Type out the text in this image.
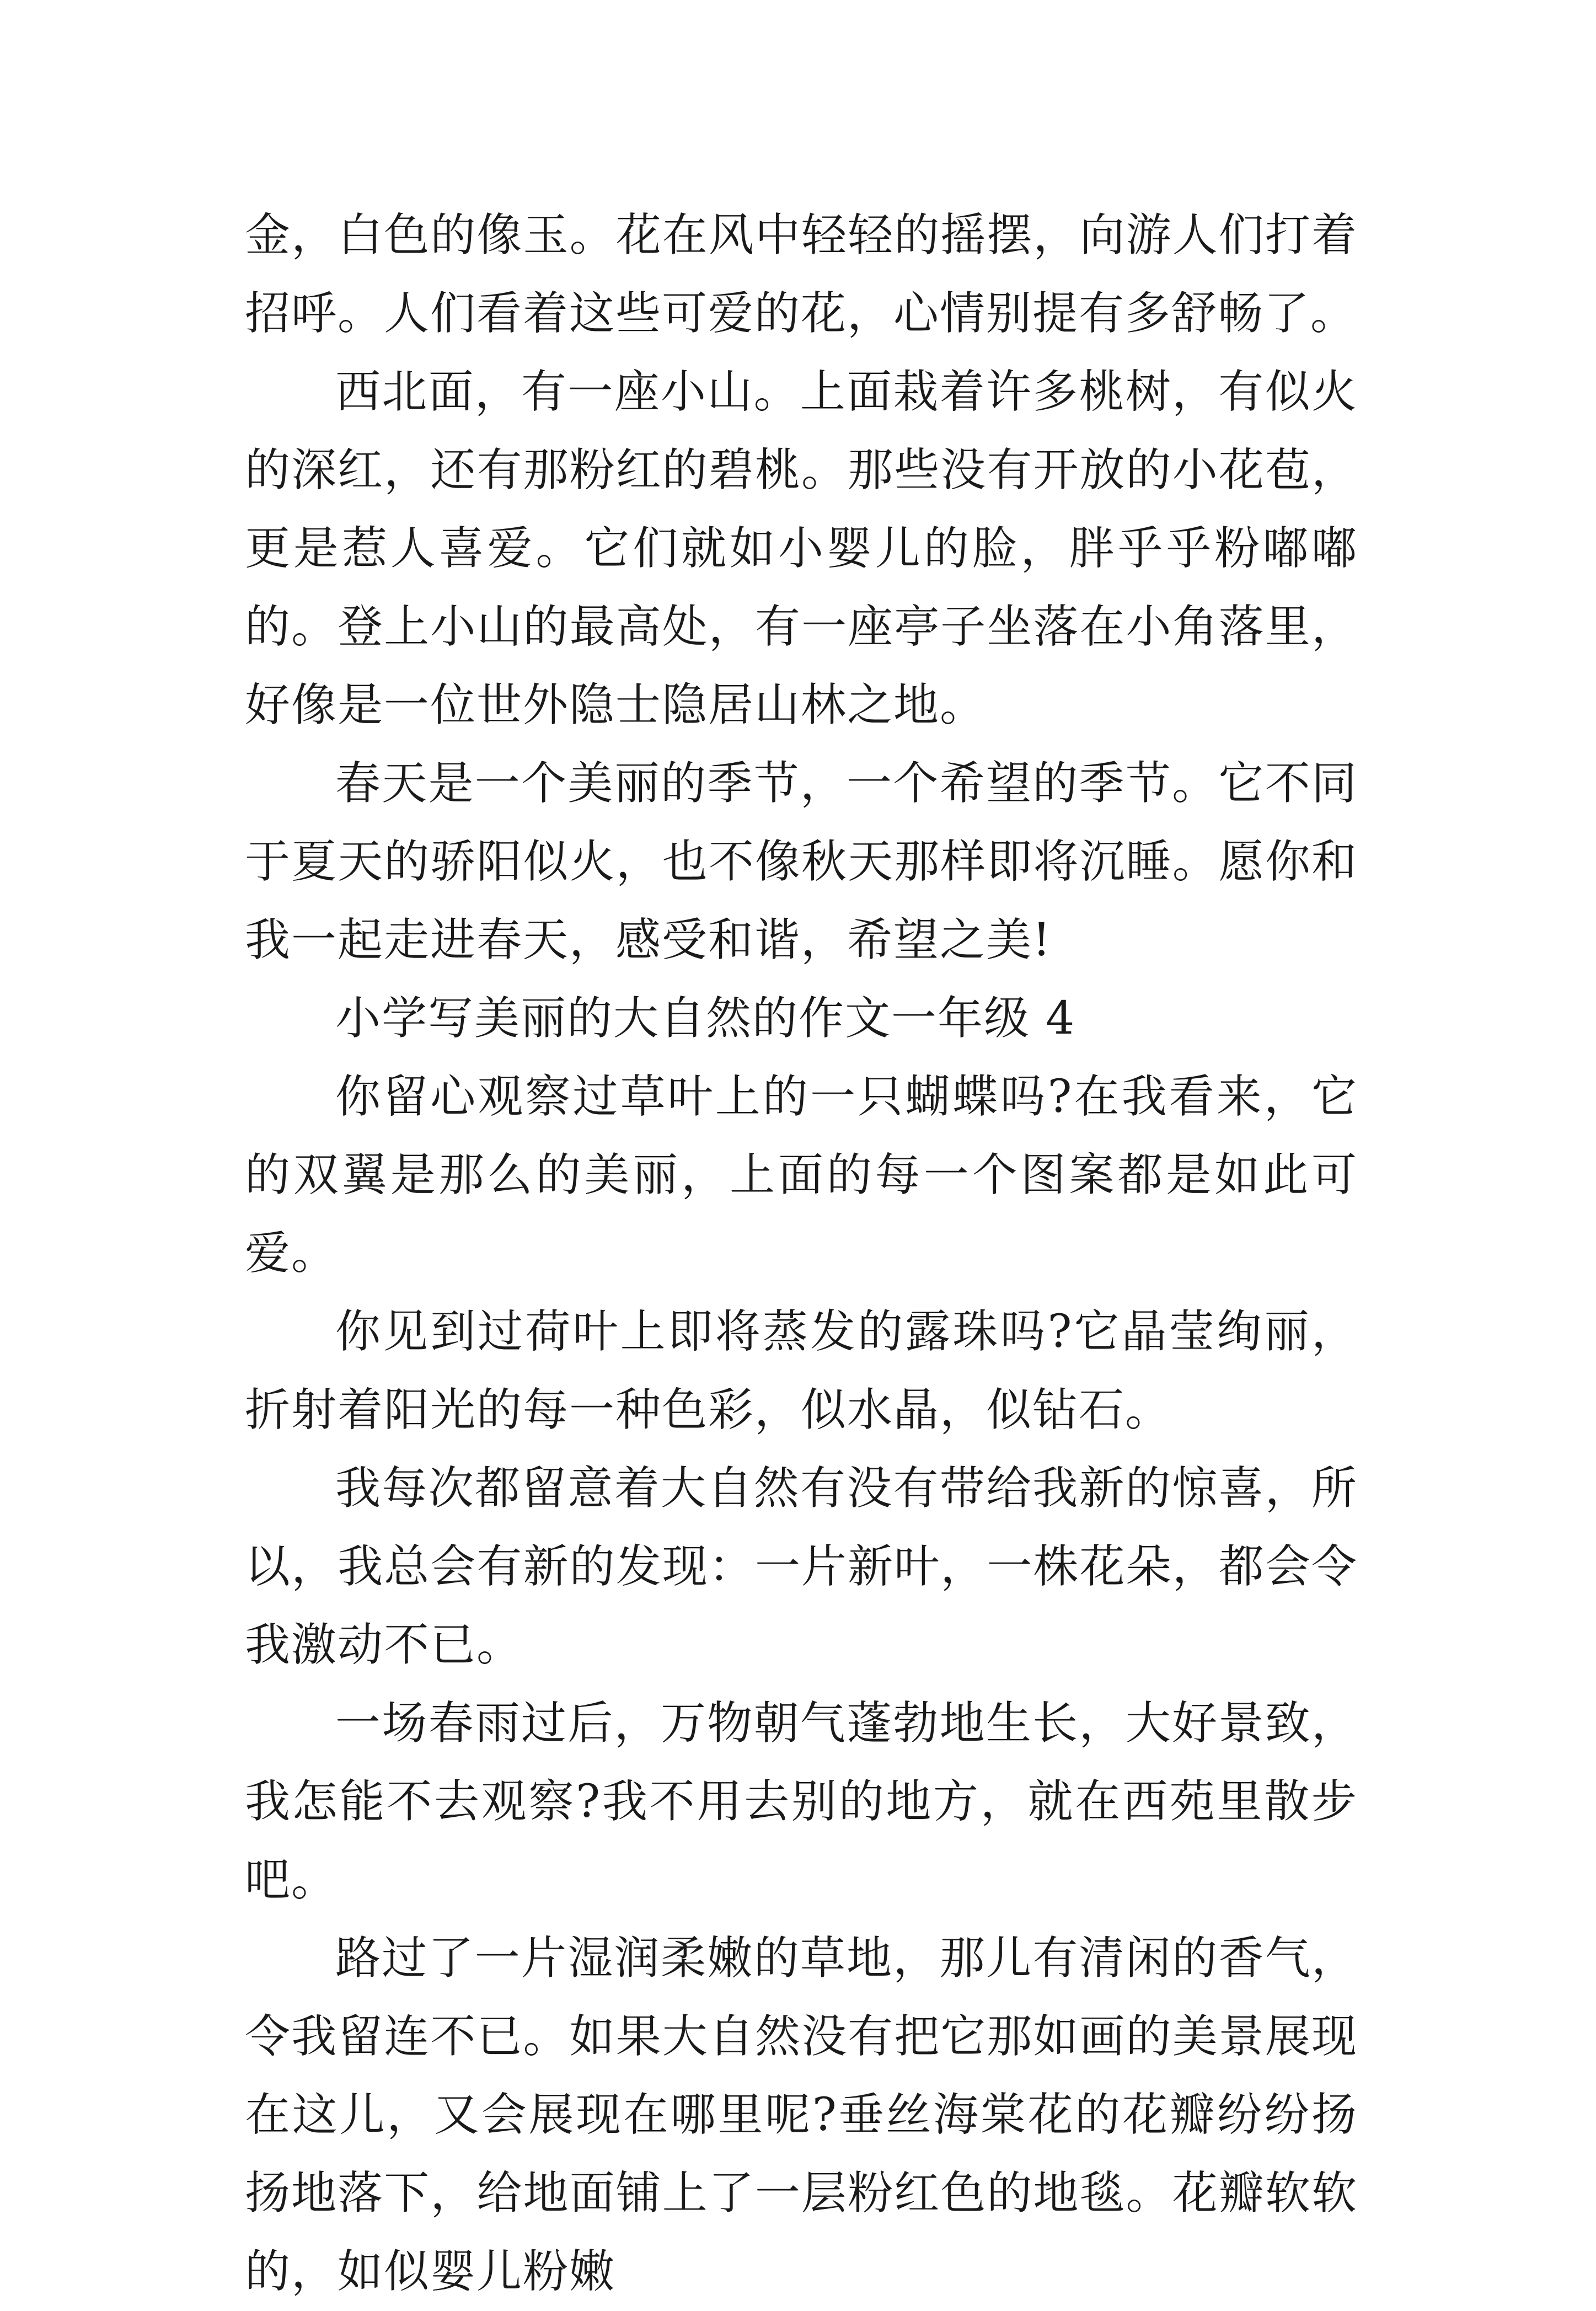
金，白色的像玉。花在风中轻轻的摇摆，向游人们打着招呼。人们看着这些可爱的花，心情别提有多舒畅了。

西北面，有一座小山。上面栽着许多桃树，有似火的深红，还有那粉红的碧桃。那些没有开放的小花苞，更是惹人喜爱。它们就如小婴儿的脸，胖乎乎粉嘟嘟的。登上小山的最高处，有一座亭子坐落在小角落里，好像是一位世外隐士隐居山林之地。

春天是一个美丽的季节，一个希望的季节。它不同于夏天的骄阳似火，也不像秋天那样即将沉睡。愿你和我一起走进春天，感受和谐，希望之美!

小学写美丽的大自然的作文一年级 4

你留心观察过草叶上的一只蝴蝶吗?在我看来，它的双翼是那么的美丽，上面的每一个图案都是如此可爱。

你见到过荷叶上即将蒸发的露珠吗?它晶莹绚丽，折射着阳光的每一种色彩，似水晶，似钻石。

我每次都留意着大自然有没有带给我新的惊喜，所以，我总会有新的发现：一片新叶，一株花朵，都会令我激动不已。

一场春雨过后，万物朝气蓬勃地生长，大好景致，我怎能不去观察?我不用去别的地方，就在西苑里散步吧。

路过了一片湿润柔嫩的草地，那儿有清闲的香气，令我留连不已。如果大自然没有把它那如画的美景展现在这儿，又会展现在哪里呢?垂丝海棠花的花瓣纷纷扬扬地落下，给地面铺上了一层粉红色的地毯。花瓣软软的，如似婴儿粉嫩
